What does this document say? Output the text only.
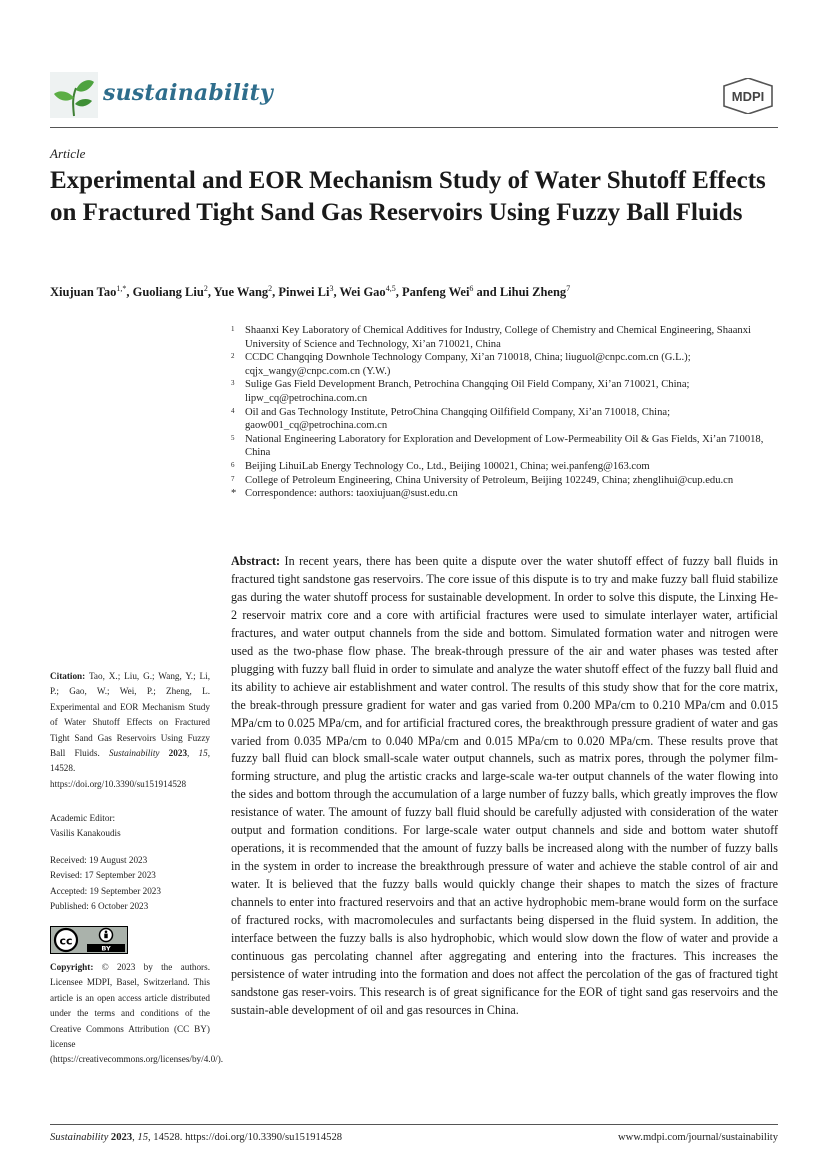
sustainability	MDPI
Article
Experimental and EOR Mechanism Study of Water Shutoff Effects on Fractured Tight Sand Gas Reservoirs Using Fuzzy Ball Fluids
Xiujuan Tao$^{1,*}$, Guoliang Liu$^2$, Yue Wang$^2$, Pinwei Li$^3$, Wei Gao$^{4,5}$, Panfeng Wei$^6$ and Lihui Zheng$^7$
1 Shaanxi Key Laboratory of Chemical Additives for Industry, College of Chemistry and Chemical Engineering, Shaanxi University of Science and Technology, Xi’an 710021, China
2 CCDC Changqing Downhole Technology Company, Xi’an 710018, China; liuguol@cnpc.com.cn (G.L.); cqjx_wangy@cnpc.com.cn (Y.W.)
3 Sulige Gas Field Development Branch, Petrochina Changqing Oil Field Company, Xi’an 710021, China; lipw_cq@petrochina.com.cn
4 Oil and Gas Technology Institute, PetroChina Changqing Oilfifield Company, Xi’an 710018, China; gaow001_cq@petrochina.com.cn
5 National Engineering Laboratory for Exploration and Development of Low-Permeability Oil & Gas Fields, Xi’an 710018, China
6 Beijing LihuiLab Energy Technology Co., Ltd., Beijing 100021, China; wei.panfeng@163.com
7 College of Petroleum Engineering, China University of Petroleum, Beijing 102249, China; zhenglihui@cup.edu.cn
* Correspondence: authors: taoxiujuan@sust.edu.cn

Abstract: In recent years, there has been quite a dispute over the water shutoff effect of fuzzy ball fluids in fractured tight sandstone gas reservoirs. The core issue of this dispute is to try and make fuzzy ball fluid stabilize gas during the water shutoff process for sustainable development. In order to solve this dispute, the Linxing He-2 reservoir matrix core and a core with artificial fractures were used to simulate interlayer water, artificial fractures, and water output channels from the side and bottom. Simulated formation water and nitrogen were used as the two-phase flow phase. The break-through pressure of the air and water phases was tested after plugging with fuzzy ball fluid in order to simulate and analyze the water shutoff effect of the fuzzy ball fluid and its ability to achieve air establishment and water control. The results of this study show that for the core matrix, the break-through pressure gradient for water and gas varied from 0.200 MPa/cm to 0.210 MPa/cm and 0.015 MPa/cm to 0.025 MPa/cm, and for artificial fractured cores, the breakthrough pressure gradient of water and gas varied from 0.035 MPa/cm to 0.040 MPa/cm and 0.015 MPa/cm to 0.020 MPa/cm. These results prove that fuzzy ball fluid can block small-scale water output channels, such as matrix pores, through the polymer film-forming structure, and plug the artistic cracks and large-scale wa-ter output channels of the water flowing into the sides and bottom through the accumulation of a large number of fuzzy balls, which greatly improves the flow resistance of water. The amount of fuzzy ball fluid should be carefully adjusted with consideration of the water output and formation conditions. For large-scale water output channels and side and bottom water shutoff operations, it is recommended that the amount of fuzzy balls be increased along with the number of fuzzy balls in the system in order to increase the breakthrough pressure of water and achieve the stable control of air and water. It is believed that the fuzzy balls would quickly change their shapes to match the sizes of fracture channels to enter into fractured reservoirs and that an active hydrophobic mem-brane would form on the surface of fractured rocks, with macromolecules and surfactants being dispersed in the fluid system. In addition, the interface between the fuzzy balls is also hydrophobic, which would slow down the flow of water and provide a continuous gas percolating channel after aggregating and entering into the fractures. This increases the persistence of water intruding into the formation and does not affect the percolation of the gas of fractured tight sandstone gas reser-voirs. This research is of great significance for the EOR of tight sand gas reservoirs and the sustain-able development of oil and gas resources in China.

Citation: Tao, X.; Liu, G.; Wang, Y.; Li, P.; Gao, W.; Wei, P.; Zheng, L. Experimental and EOR Mechanism Study of Water Shutoff Effects on Fractured Tight Sand Gas Reservoirs Using Fuzzy Ball Fluids. Sustainability 2023, 15, 14528. https://doi.org/10.3390/su151914528
Academic Editor:
Vasilis Kanakoudis
Received: 19 August 2023
Revised: 17 September 2023
Accepted: 19 September 2023
Published: 6 October 2023
cc
BY
Copyright: © 2023 by the authors. Licensee MDPI, Basel, Switzerland. This article is an open access article distributed under the terms and conditions of the Creative Commons Attribution (CC BY) license (https://creativecommons.org/licenses/by/4.0/).
Sustainability 2023, 15, 14528. https://doi.org/10.3390/su151914528	www.mdpi.com/journal/sustainability
